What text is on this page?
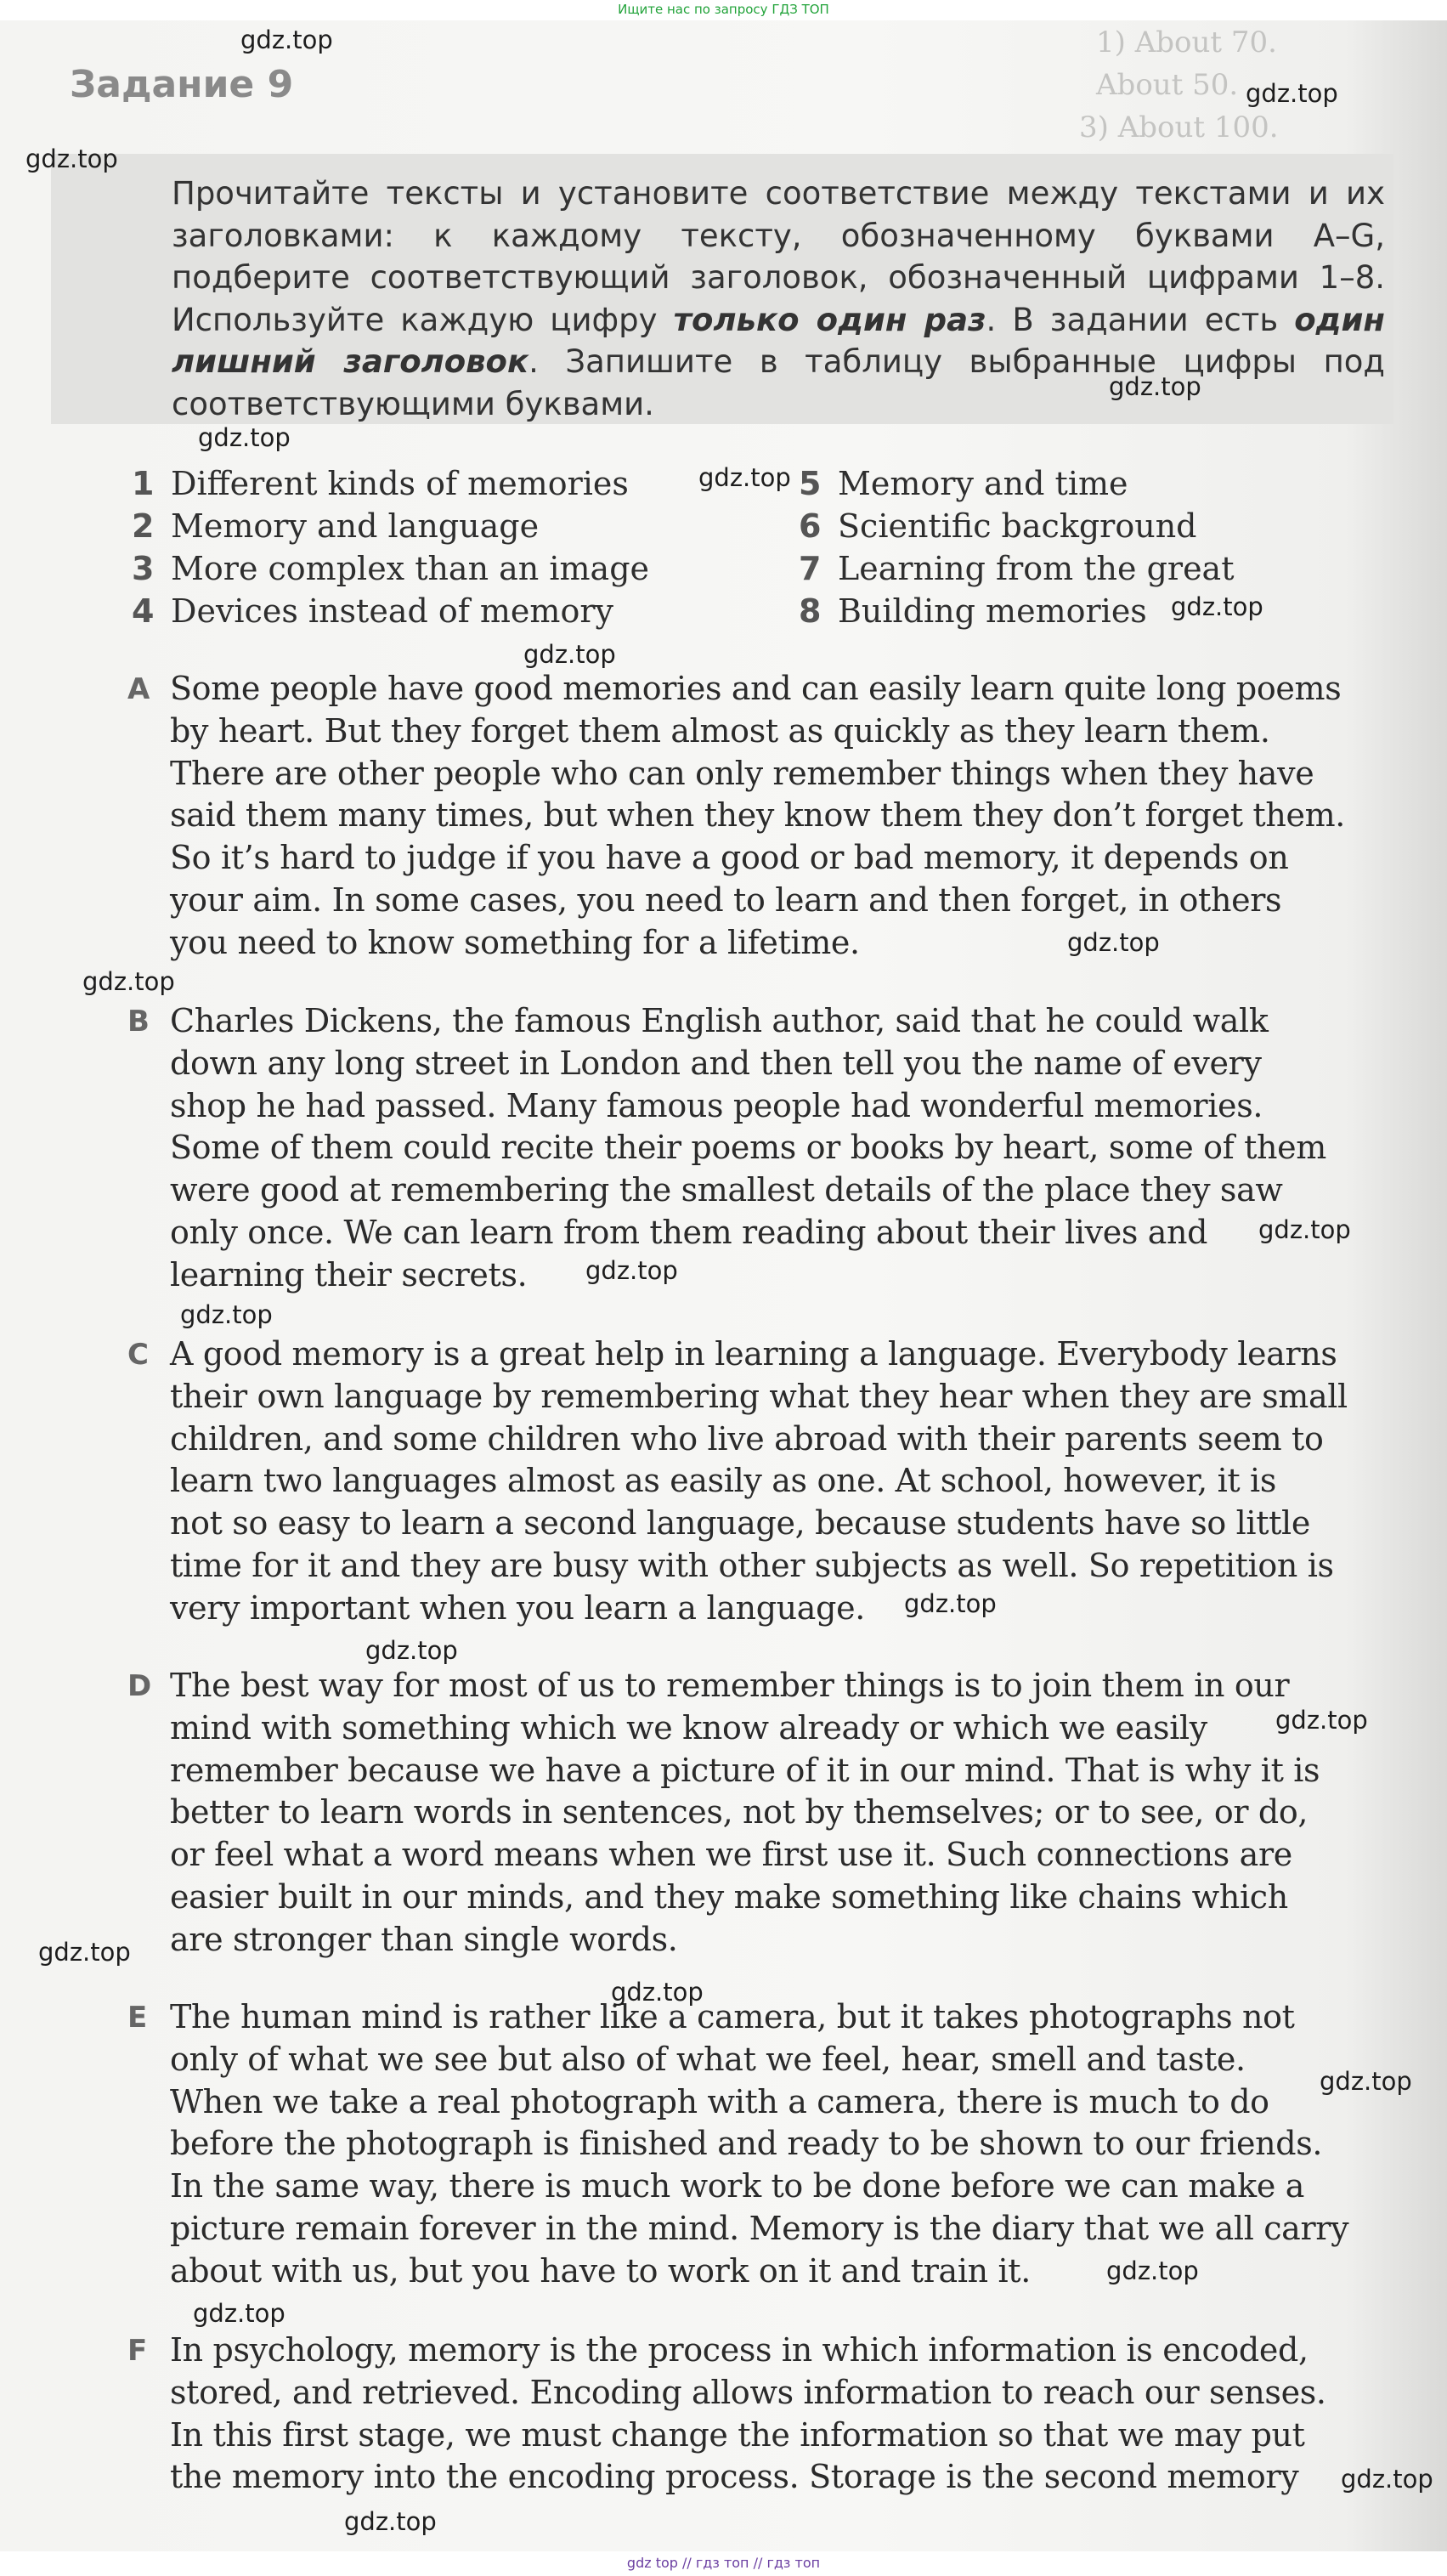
Ищите нас по запросу ГДЗ ТОП
1) About 70.
About 50.
3) About 100.
Задание 9

Прочитайте тексты и установите соответствие между текстами и их заголовками: к каждому тексту, обозначенному буквами A–G, подберите соответствующий заголовок, обозначенный цифрами 1–8. Используйте каждую цифру только один раз. В задании есть один лишний заголовок. Запишите в таблицу выбранные цифры под соответствующими буквами.

1 Different kinds of memories	5 Memory and time
2 Memory and language	6 Scientific background
3 More complex than an image	7 Learning from the great
4 Devices instead of memory	8 Building memories
A Some people have good memories and can easily learn quite long poems
by heart. But they forget them almost as quickly as they learn them.
There are other people who can only remember things when they have
said them many times, but when they know them they don’t forget them.
So it’s hard to judge if you have a good or bad memory, it depends on
your aim. In some cases, you need to learn and then forget, in others
you need to know something for a lifetime.

B Charles Dickens, the famous English author, said that he could walk
down any long street in London and then tell you the name of every
shop he had passed. Many famous people had wonderful memories.
Some of them could recite their poems or books by heart, some of them
were good at remembering the smallest details of the place they saw
only once. We can learn from them reading about their lives and
learning their secrets.

C A good memory is a great help in learning a language. Everybody learns
their own language by remembering what they hear when they are small
children, and some children who live abroad with their parents seem to
learn two languages almost as easily as one. At school, however, it is
not so easy to learn a second language, because students have so little
time for it and they are busy with other subjects as well. So repetition is
very important when you learn a language.

D The best way for most of us to remember things is to join them in our
mind with something which we know already or which we easily
remember because we have a picture of it in our mind. That is why it is
better to learn words in sentences, not by themselves; or to see, or do,
or feel what a word means when we first use it. Such connections are
easier built in our minds, and they make something like chains which
are stronger than single words.

E The human mind is rather like a camera, but it takes photographs not
only of what we see but also of what we feel, hear, smell and taste.
When we take a real photograph with a camera, there is much to do
before the photograph is finished and ready to be shown to our friends.
In the same way, there is much work to be done before we can make a
picture remain forever in the mind. Memory is the diary that we all carry
about with us, but you have to work on it and train it.

F In psychology, memory is the process in which information is encoded,
stored, and retrieved. Encoding allows information to reach our senses.
In this first stage, we must change the information so that we may put
the memory into the encoding process. Storage is the second memory

gdz.top
gdz.top
gdz.top
gdz.top
gdz.top
gdz.top
gdz.top
gdz.top
gdz.top
gdz.top
gdz.top
gdz.top
gdz.top
gdz.top
gdz.top
gdz.top
gdz.top
gdz.top
gdz.top
gdz.top
gdz.top
gdz.top
gdz.top
gdz top // гдз топ // гдз топ
